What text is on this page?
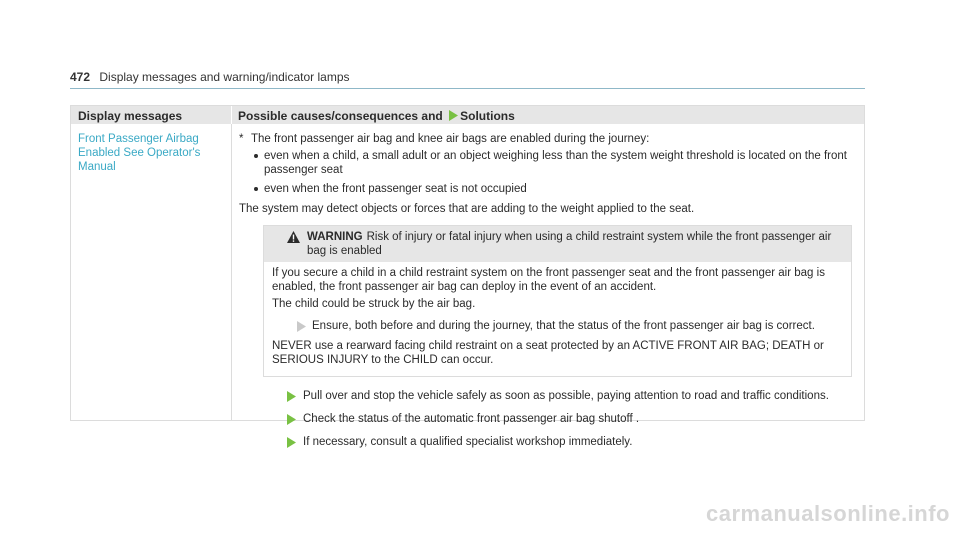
472 Display messages and warning/indicator lamps
Display messages	Possible causes/consequences and Solutions
Front Passenger Airbag Enabled See Operator's Manual

* The front passenger air bag and knee air bags are enabled during the journey:

even when a child, a small adult or an object weighing less than the system weight threshold is located on the front passenger seat
even when the front passenger seat is not occupied

The system may detect objects or forces that are adding to the weight applied to the seat.

WARNING Risk of injury or fatal injury when using a child restraint system while the front passenger air bag is enabled

If you secure a child in a child restraint system on the front passenger seat and the front passenger air bag is enabled, the front passenger air bag can deploy in the event of an accident.

The child could be struck by the air bag.

Ensure, both before and during the journey, that the status of the front passenger air bag is correct.

NEVER use a rearward facing child restraint on a seat protected by an ACTIVE FRONT AIR BAG; DEATH or SERIOUS INJURY to the CHILD can occur.

Pull over and stop the vehicle safely as soon as possible, paying attention to road and traffic conditions.
Check the status of the automatic front passenger air bag shutoff .
If necessary, consult a qualified specialist workshop immediately.
carmanualsonline.info
